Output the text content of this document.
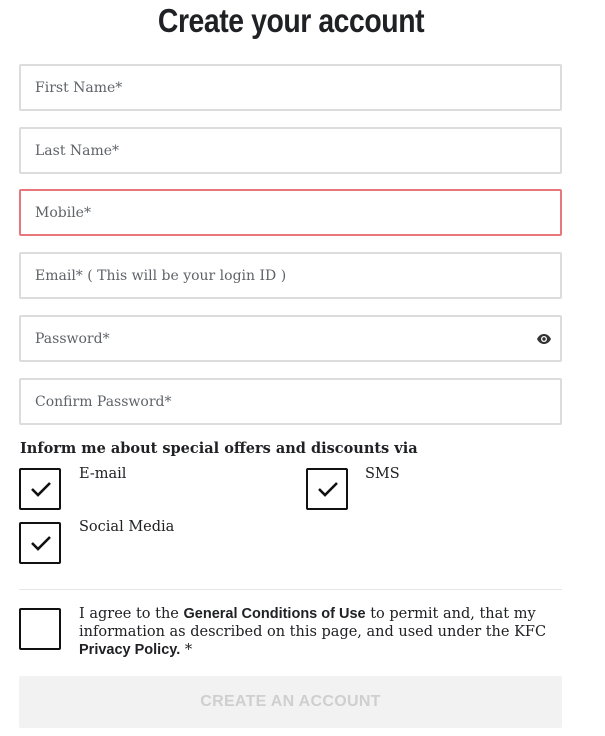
Create your account
First Name*
Last Name*
Mobile*
Email* ( This will be your login ID )
Inform me about special offers and discounts via
E-mail	SMS
Social Media
I agree to the General Conditions of Use to permit and, that my information as described on this page, and used under the KFC Privacy Policy. *
CREATE AN ACCOUNT
